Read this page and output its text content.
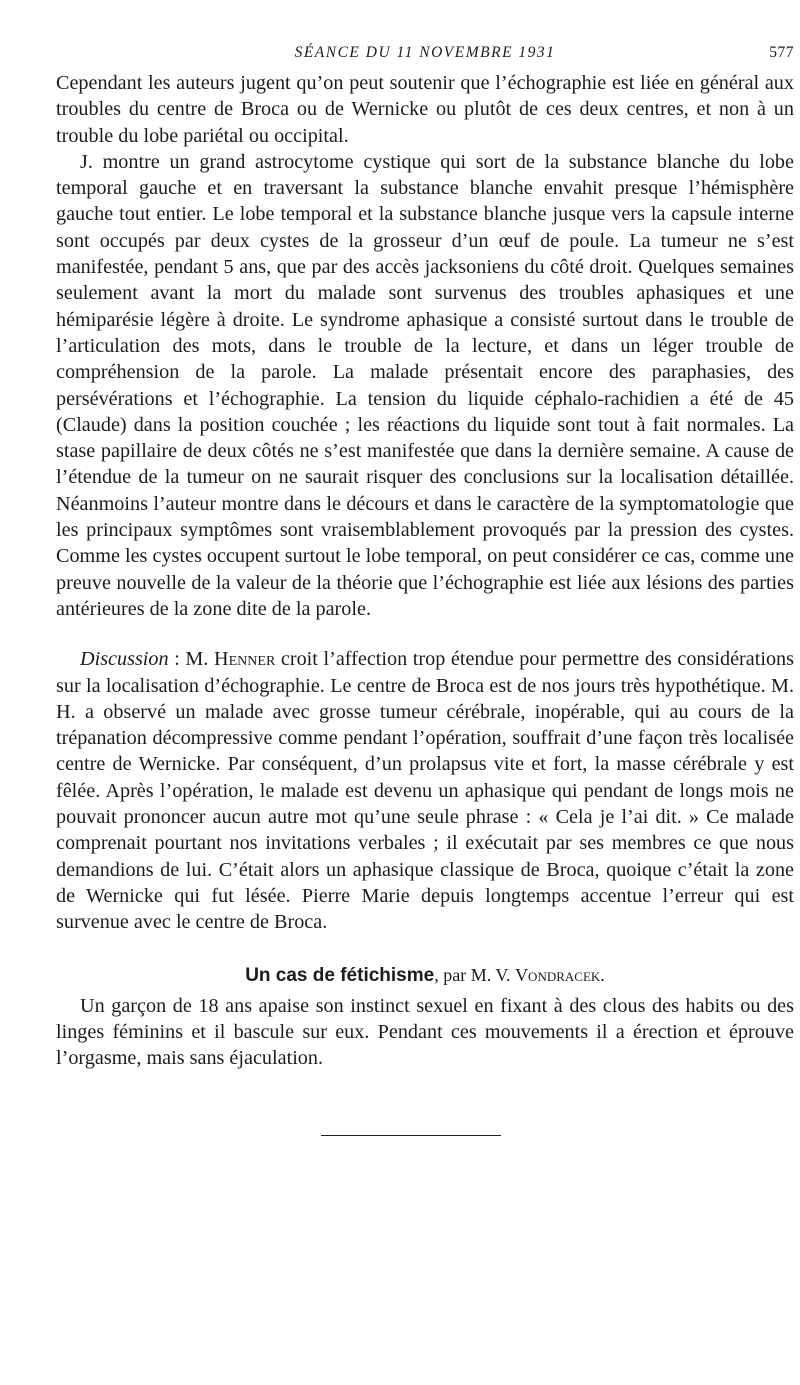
SÉANCE DU 11 NOVEMBRE 1931	577

Cependant les auteurs jugent qu’on peut soutenir que l’échographie est liée en général aux troubles du centre de Broca ou de Wernicke ou plutôt de ces deux centres, et non à un trouble du lobe pariétal ou occipital.

J. montre un grand astrocytome cystique qui sort de la substance blanche du lobe temporal gauche et en traversant la substance blanche envahit presque l’hémisphère gauche tout entier. Le lobe temporal et la substance blanche jusque vers la capsule interne sont occupés par deux cystes de la grosseur d’un œuf de poule. La tumeur ne s’est manifestée, pendant 5 ans, que par des accès jacksoniens du côté droit. Quelques semaines seulement avant la mort du malade sont survenus des troubles aphasiques et une hémiparésie légère à droite. Le syndrome aphasique a consisté surtout dans le trouble de l’articulation des mots, dans le trouble de la lecture, et dans un léger trouble de compréhension de la parole. La malade présentait encore des paraphasies, des persévérations et l’échographie. La tension du liquide céphalo-rachidien a été de 45 (Claude) dans la position couchée ; les réactions du liquide sont tout à fait normales. La stase papillaire de deux côtés ne s’est manifestée que dans la dernière semaine. A cause de l’étendue de la tumeur on ne saurait risquer des conclusions sur la localisation détaillée. Néanmoins l’auteur montre dans le décours et dans le caractère de la symptomatologie que les principaux symptômes sont vraisemblablement provoqués par la pression des cystes. Comme les cystes occupent surtout le lobe temporal, on peut considérer ce cas, comme une preuve nouvelle de la valeur de la théorie que l’échographie est liée aux lésions des parties antérieures de la zone dite de la parole.

Discussion : M. Henner croit l’affection trop étendue pour permettre des considérations sur la localisation d’échographie. Le centre de Broca est de nos jours très hypothétique. M. H. a observé un malade avec grosse tumeur cérébrale, inopérable, qui au cours de la trépanation décompressive comme pendant l’opération, souffrait d’une façon très localisée centre de Wernicke. Par conséquent, d’un prolapsus vite et fort, la masse cérébrale y est fêlée. Après l’opération, le malade est devenu un aphasique qui pendant de longs mois ne pouvait prononcer aucun autre mot qu’une seule phrase : « Cela je l’ai dit. » Ce malade comprenait pourtant nos invitations verbales ; il exécutait par ses membres ce que nous demandions de lui. C’était alors un aphasique classique de Broca, quoique c’était la zone de Wernicke qui fut lésée. Pierre Marie depuis longtemps accentue l’erreur qui est survenue avec le centre de Broca.

Un cas de fétichisme, par M. V. Vondracek.

Un garçon de 18 ans apaise son instinct sexuel en fixant à des clous des habits ou des linges féminins et il bascule sur eux. Pendant ces mouvements il a érection et éprouve l’orgasme, mais sans éjaculation.
